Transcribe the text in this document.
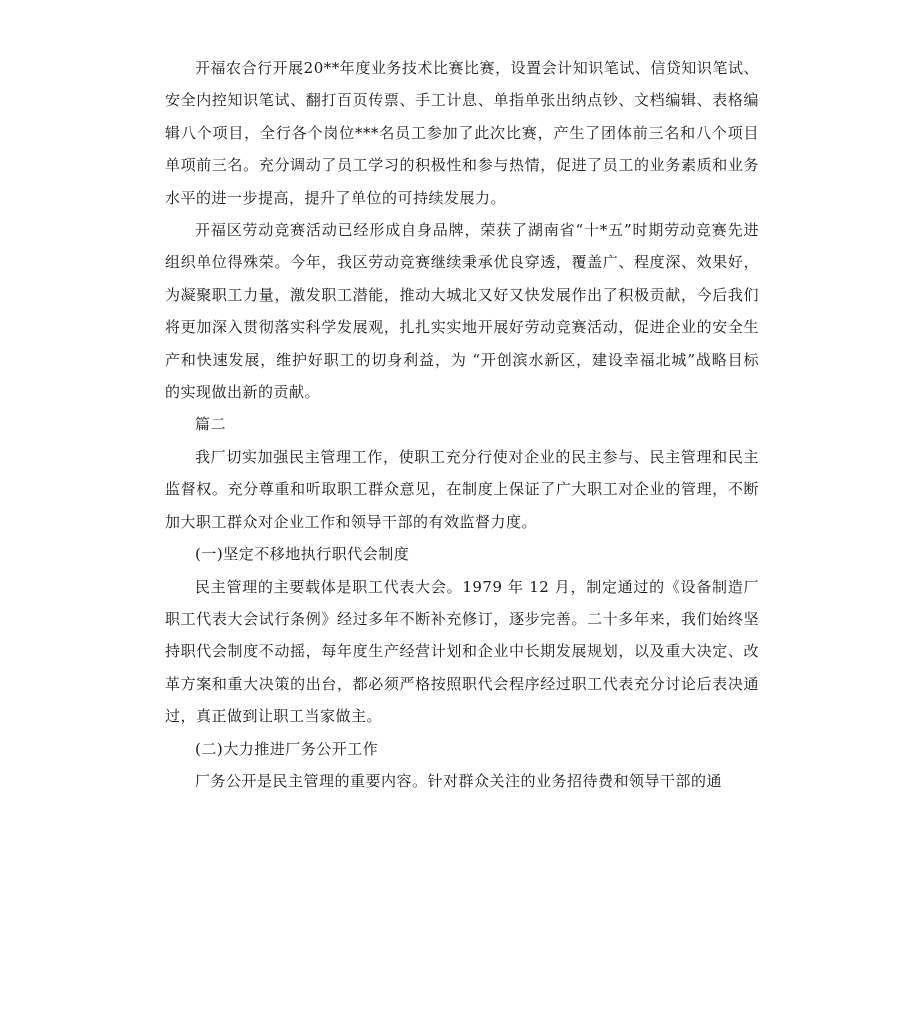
开福农合行开展20**年度业务技术比赛比赛，设置会计知识笔试、信贷知识笔试、安全内控知识笔试、翻打百页传票、手工计息、单指单张出纳点钞、文档编辑、表格编辑八个项目，全行各个岗位***名员工参加了此次比赛，产生了团体前三名和八个项目单项前三名。充分调动了员工学习的积极性和参与热情，促进了员工的业务素质和业务水平的进一步提高，提升了单位的可持续发展力。

开福区劳动竞赛活动已经形成自身品牌，荣获了湖南省“十*五”时期劳动竞赛先进组织单位得殊荣。今年，我区劳动竞赛继续秉承优良穿透，覆盖广、程度深、效果好，为凝聚职工力量，激发职工潜能，推动大城北又好又快发展作出了积极贡献，今后我们将更加深入贯彻落实科学发展观，扎扎实实地开展好劳动竞赛活动，促进企业的安全生产和快速发展，维护好职工的切身利益，为 “开创滨水新区，建设幸福北城”战略目标的实现做出新的贡献。

篇二

我厂切实加强民主管理工作，使职工充分行使对企业的民主参与、民主管理和民主监督权。充分尊重和听取职工群众意见，在制度上保证了广大职工对企业的管理，不断加大职工群众对企业工作和领导干部的有效监督力度。

(一)坚定不移地执行职代会制度

民主管理的主要载体是职工代表大会。1979 年 12 月，制定通过的《设备制造厂职工代表大会试行条例》经过多年不断补充修订，逐步完善。二十多年来，我们始终坚持职代会制度不动摇，每年度生产经营计划和企业中长期发展规划，以及重大决定、改革方案和重大决策的出台，都必须严格按照职代会程序经过职工代表充分讨论后表决通过，真正做到让职工当家做主。

(二)大力推进厂务公开工作

厂务公开是民主管理的重要内容。针对群众关注的业务招待费和领导干部的通
